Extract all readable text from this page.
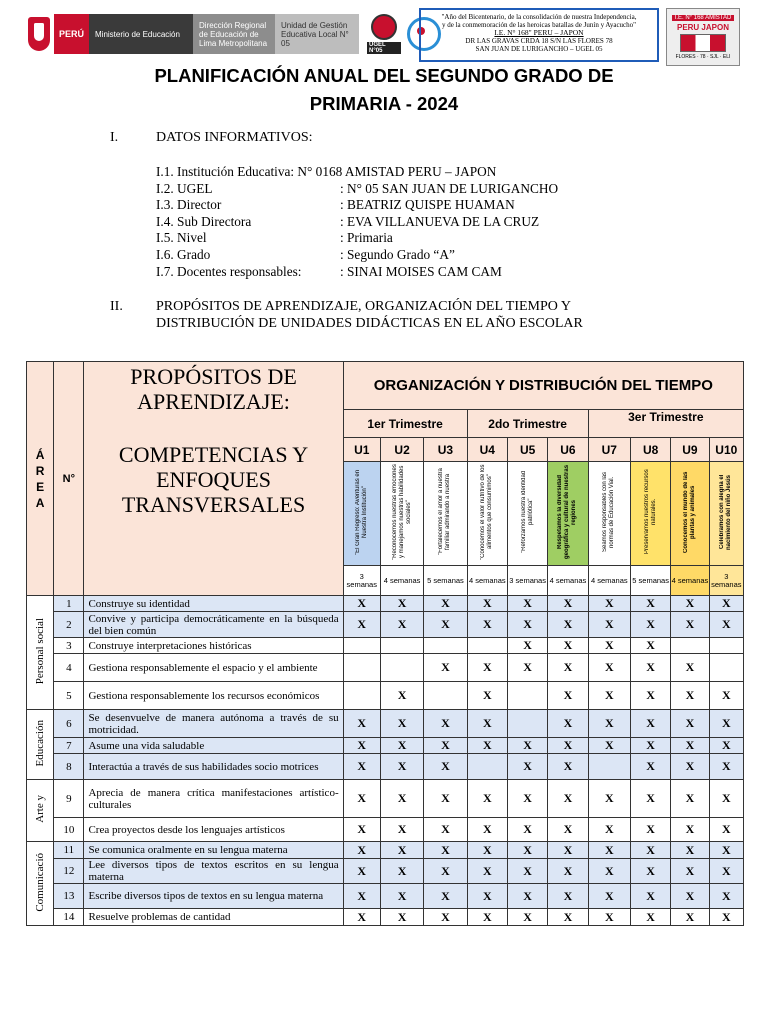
PERÚ	Ministerio de Educación
Dirección Regional de Educación de Lima Metropolitana
Unidad de Gestión Educativa Local N° 05	UGEL N°05
"Año del Bicentenario, de la consolidación de nuestra Independencia,
y de la conmemoración de las heroicas batallas de Junín y Ayacucho"
I.E. N° 168" PERU – JAPON
DR LAS GRAVAS CRDA 18 S/N LAS FLORES 78
SAN JUAN DE LURIGANCHO – UGEL 05
I.E. N° 168 AMISTAD
PERU JAPON
FLORES · 78 · SJL · ELI
PLANIFICACIÓN ANUAL DEL SEGUNDO GRADO DE
PRIMARIA - 2024
I.	DATOS INFORMATIVOS:
I.1. Institución Educativa: N° 0168 AMISTAD PERU – JAPON
I.2. UGEL	: N° 05 SAN JUAN DE LURIGANCHO
I.3. Director	: BEATRIZ QUISPE HUAMAN
I.4. Sub Directora	: EVA VILLANUEVA DE LA CRUZ
I.5. Nivel	: Primaria
I.6. Grado	: Segundo Grado “A”
I.7. Docentes responsables:	: SINAI MOISES CAM CAM
II.	PROPÓSITOS DE APRENDIZAJE, ORGANIZACIÓN DEL TIEMPO Y
DISTRIBUCIÓN DE UNIDADES DIDÁCTICAS EN EL AÑO ESCOLAR
Á R E A	N°	PROPÓSITOS DE APRENDIZAJE:
COMPETENCIAS Y ENFOQUES TRANSVERSALES	ORGANIZACIÓN Y DISTRIBUCIÓN DEL TIEMPO									
			1er Trimestre			2do Trimestre			3er Trimestre			
			U1	U2	U3	U4	U5	U6	U7	U8	U9	U10
			"El Gran Regreso: Aventuras en Nuestra Institución"	"Reconocemos nuestras emociones y manejamos nuestras habilidades sociales"	"Fortalecemos el amor a nuestra familiar admirando a nuestra	"Conocemos el valor nutritivo de los alimentos que consumimos"	"Reforzamos nuestra identidad patriótica"	Respetamos la diversidad geográfica y cultural de nuestras regiones	Seamos responsables con las normas de Educación Vial.	Preservamos nuestros recursos naturales.	Conocemos el mundo de las plantas y animales	Celebramos con alegría el nacimiento del niño Jesús
			3 semanas	4 semanas	5 semanas	4 semanas	3 semanas	4 semanas	4 semanas	5 semanas	4 semanas	3 semanas
Personal social	1	Construye su identidad	X	X	X	X	X	X	X	X	X	X
	2	Convive y participa democráticamente en la búsqueda del bien común	X	X	X	X	X	X	X	X	X	X
	3	Construye interpretaciones históricas					X	X	X	X		
	4	Gestiona responsablemente el espacio y el ambiente			X	X	X	X	X	X	X	
	5	Gestiona responsablemente los recursos económicos		X		X		X	X	X	X	X
Educación	6	Se desenvuelve de manera autónoma a través de su motricidad.	X	X	X	X		X	X	X	X	X
	7	Asume una vida saludable	X	X	X	X	X	X	X	X	X	X
	8	Interactúa a través de sus habilidades socio motrices	X	X	X		X	X		X	X	X
Arte y	9	Aprecia de manera crítica manifestaciones artístico-culturales	X	X	X	X	X	X	X	X	X	X
	10	Crea proyectos desde los lenguajes artísticos	X	X	X	X	X	X	X	X	X	X
Comunicació	11	Se comunica oralmente en su lengua materna	X	X	X	X	X	X	X	X	X	X
	12	Lee diversos tipos de textos escritos en su lengua materna	X	X	X	X	X	X	X	X	X	X
	13	Escribe diversos tipos de textos en su lengua materna	X	X	X	X	X	X	X	X	X	X
	14	Resuelve problemas de cantidad	X	X	X	X	X	X	X	X	X	X
